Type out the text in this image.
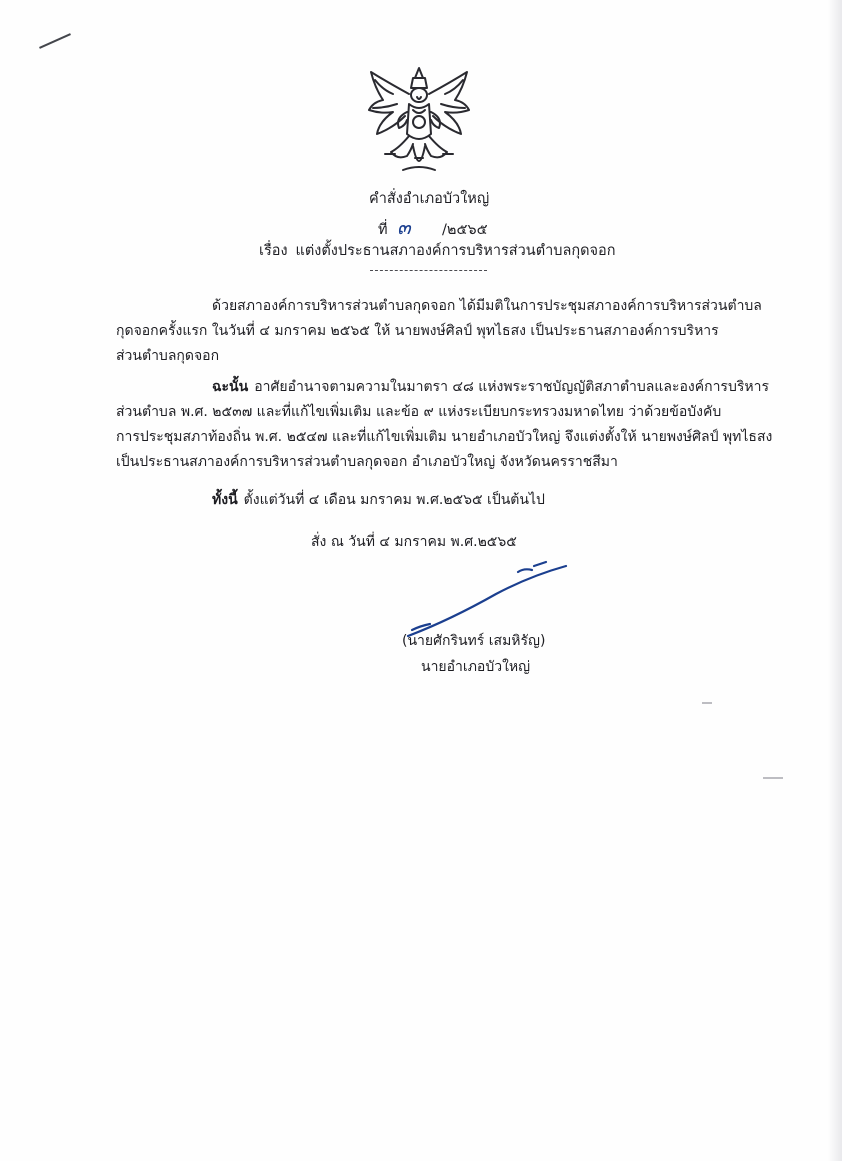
คำสั่งอำเภอบัวใหญ่
ที่ ๓ /๒๕๖๕
เรื่อง แต่งตั้งประธานสภาองค์การบริหารส่วนตำบลกุดจอก
ด้วยสภาองค์การบริหารส่วนตำบลกุดจอก ได้มีมติในการประชุมสภาองค์การบริหารส่วนตำบล
กุดจอกครั้งแรก ในวันที่ ๔ มกราคม ๒๕๖๕ ให้ นายพงษ์ศิลป์ พุทไธสง เป็นประธานสภาองค์การบริหาร
ส่วนตำบลกุดจอก
ฉะนั้น อาศัยอำนาจตามความในมาตรา ๔๘ แห่งพระราชบัญญัติสภาตำบลและองค์การบริหาร
ส่วนตำบล พ.ศ. ๒๕๓๗ และที่แก้ไขเพิ่มเติม และข้อ ๙ แห่งระเบียบกระทรวงมหาดไทย ว่าด้วยข้อบังคับ
การประชุมสภาท้องถิ่น พ.ศ. ๒๕๔๗ และที่แก้ไขเพิ่มเติม นายอำเภอบัวใหญ่ จึงแต่งตั้งให้ นายพงษ์ศิลป์ พุทไธสง
เป็นประธานสภาองค์การบริหารส่วนตำบลกุดจอก อำเภอบัวใหญ่ จังหวัดนครราชสีมา
ทั้งนี้ ตั้งแต่วันที่ ๔ เดือน มกราคม พ.ศ.๒๕๖๕ เป็นต้นไป
สั่ง ณ วันที่ ๔ มกราคม พ.ศ.๒๕๖๕
(นายศักรินทร์ เสมหิรัญ)
นายอำเภอบัวใหญ่
